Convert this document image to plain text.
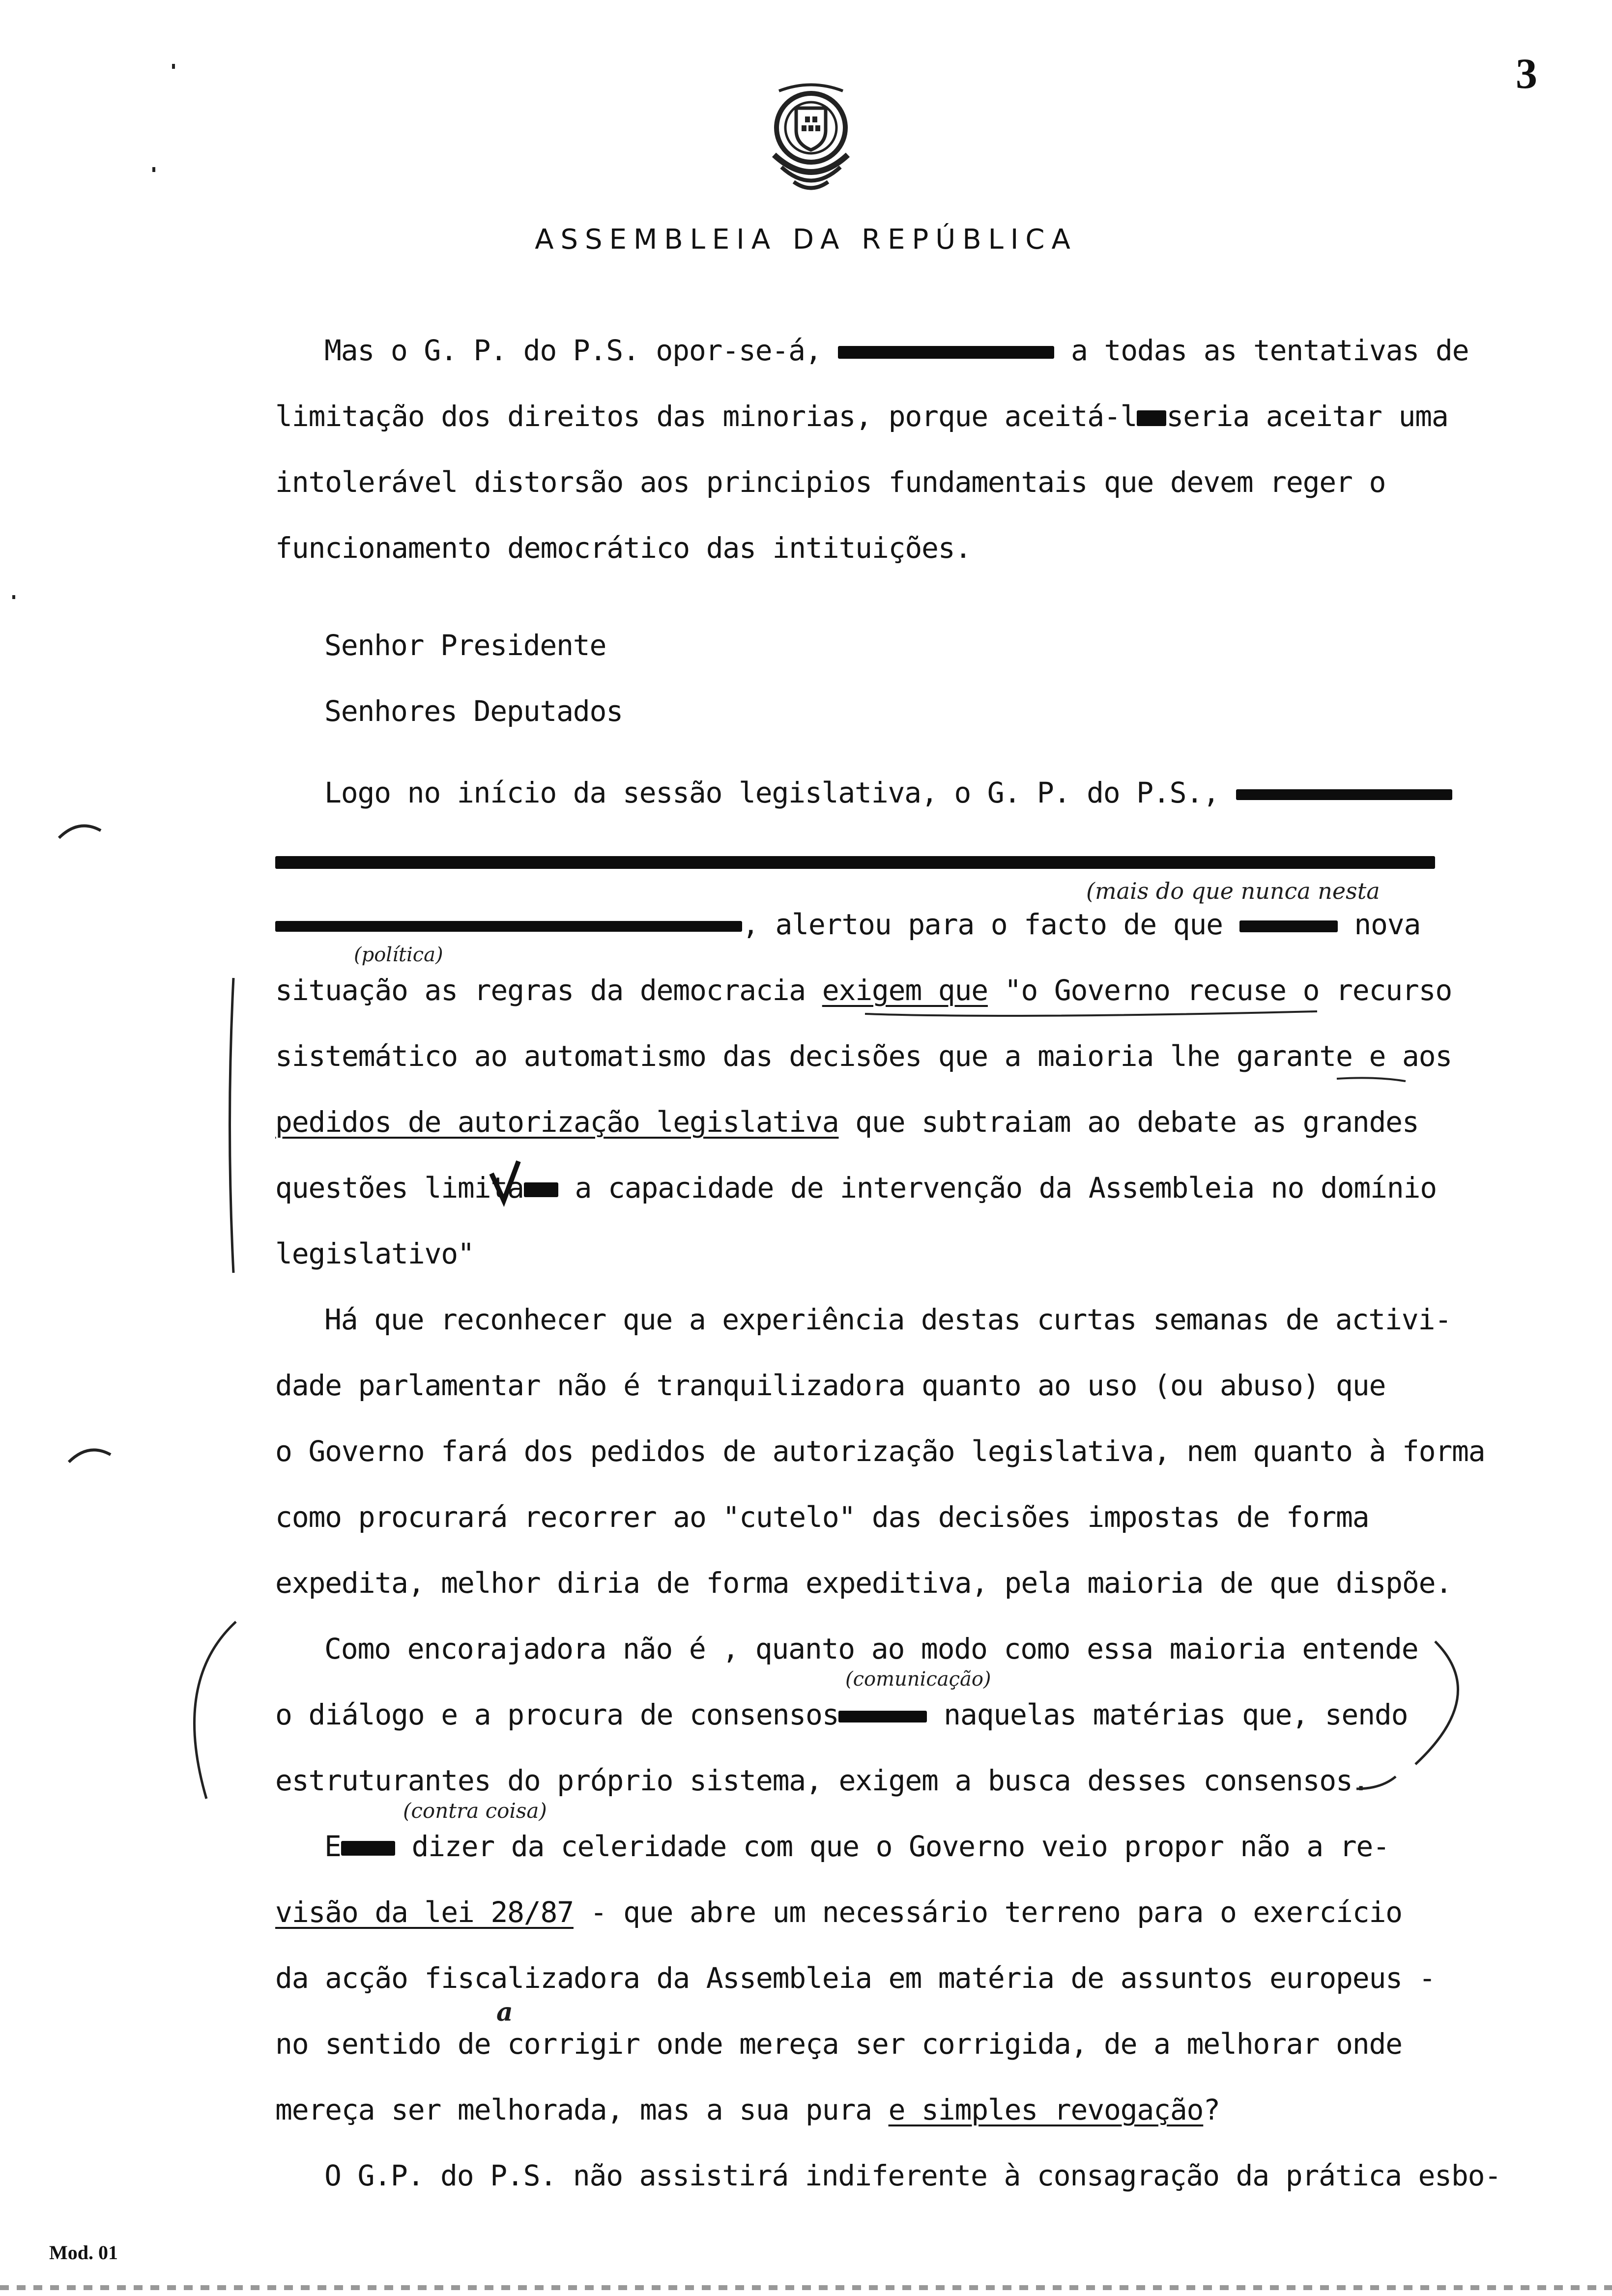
3
ASSEMBLEIA DA REPÚBLICA
Mas o G. P. do P.S. opor-se-á,	a todas as tentativas de
limitação dos direitos das minorias, porque aceitá-l seria aceitar uma
intolerável distorsão aos principios fundamentais que devem reger o
funcionamento democrático das intituições.
Senhor Presidente
Senhores Deputados
Logo no início da sessão legislativa, o G. P. do P.S.,
, alertou para o facto de que	nova
situação as regras da democracia exigem que "o Governo recuse o recurso
sistemático ao automatismo das decisões que a maioria lhe garante e aos
pedidos de autorização legislativa que subtraiam ao debate as grandes
questões limita a capacidade de intervenção da Assembleia no domínio
legislativo"
Há que reconhecer que a experiência destas curtas semanas de activi-
dade parlamentar não é tranquilizadora quanto ao uso (ou abuso) que
o Governo fará dos pedidos de autorização legislativa, nem quanto à forma
como procurará recorrer ao "cutelo" das decisões impostas de forma
expedita, melhor diria de forma expeditiva, pela maioria de que dispõe.
Como encorajadora não é , quanto ao modo como essa maioria entende
o diálogo e a procura de consensos	naquelas matérias que, sendo
estruturantes do próprio sistema, exigem a busca desses consensos.
E dizer da celeridade com que o Governo veio propor não a re-
visão da lei 28/87 - que abre um necessário terreno para o exercício
da acção fiscalizadora da Assembleia em matéria de assuntos europeus -
no sentido de corrigir onde mereça ser corrigida, de a melhorar onde
mereça ser melhorada, mas a sua pura e simples revogação?
O G.P. do P.S. não assistirá indiferente à consagração da prática esbo-
(mais do que nunca nesta
(política)
(comunicação)
(contra coisa)
a
Mod. 01
